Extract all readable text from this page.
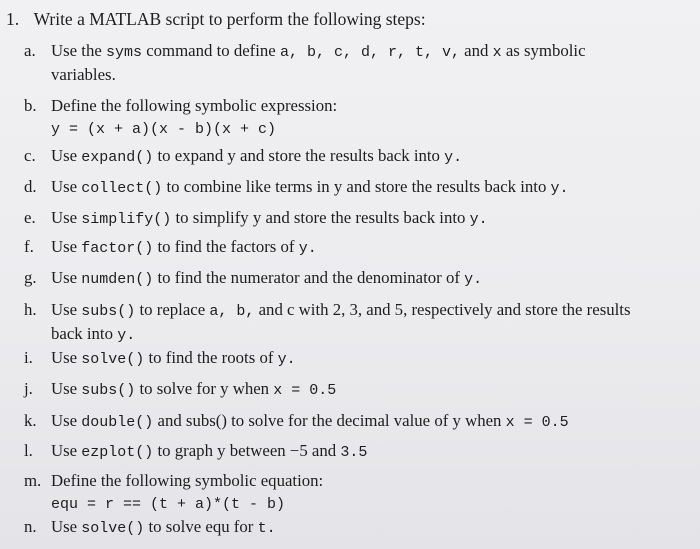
1. Write a MATLAB script to perform the following steps:
a. Use the syms command to define a, b, c, d, r, t, v, and x as symbolic
variables.
b. Define the following symbolic expression:
y = (x + a)(x - b)(x + c)
c. Use expand() to expand y and store the results back into y.
d. Use collect() to combine like terms in y and store the results back into y.
e. Use simplify() to simplify y and store the results back into y.
f. Use factor() to find the factors of y.
g. Use numden() to find the numerator and the denominator of y.
h. Use subs() to replace a, b, and c with 2, 3, and 5, respectively and store the results
back into y.
i. Use solve() to find the roots of y.
j. Use subs() to solve for y when x = 0.5
k. Use double() and subs() to solve for the decimal value of y when x = 0.5
l. Use ezplot() to graph y between −5 and 3.5
m. Define the following symbolic equation:
equ = r == (t + a)*(t - b)
n. Use solve() to solve equ for t.
